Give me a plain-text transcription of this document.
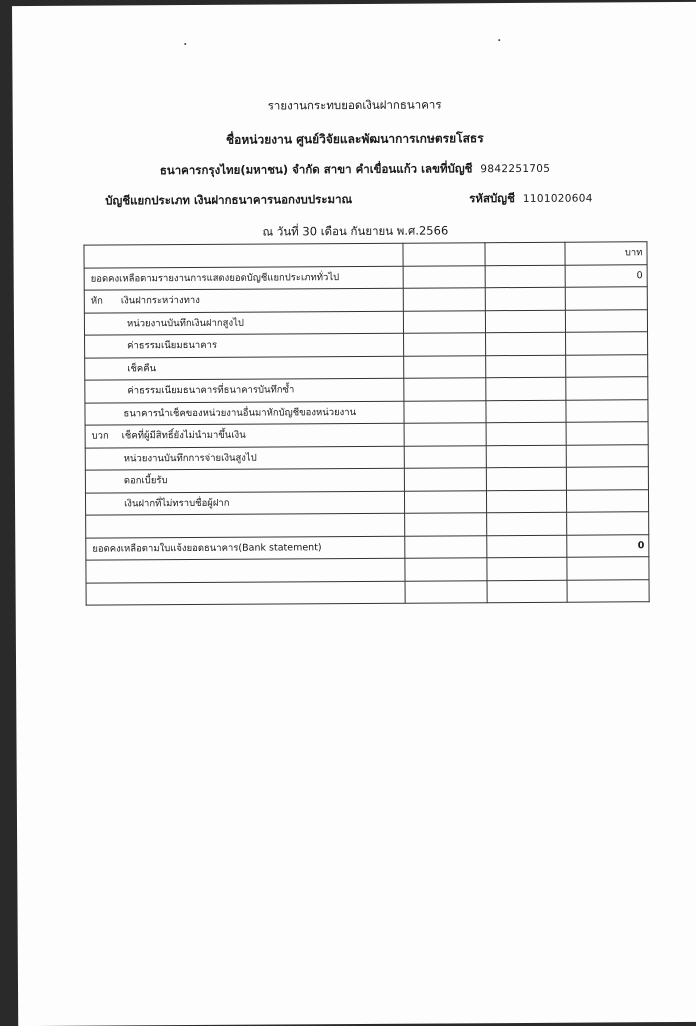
รายงานกระทบยอดเงินฝากธนาคาร
ชื่อหน่วยงาน ศูนย์วิจัยและพัฒนาการเกษตรยโสธร
ธนาคารกรุงไทย(มหาชน) จำกัด สาขา คำเขื่อนแก้ว เลขที่บัญชี 9842251705
บัญชีแยกประเภท เงินฝากธนาคารนอกงบประมาณ	รหัสบัญชี 1101020604
ณ วันที่ 30 เดือน กันยายน พ.ศ.2566
			บาท
ยอดคงเหลือตามรายงานการแสดงยอดบัญชีแยกประเภททั่วไป			0
หัก เงินฝากระหว่างทาง			
หน่วยงานบันทึกเงินฝากสูงไป			
ค่าธรรมเนียมธนาคาร			
เช็คคืน			
ค่าธรรมเนียมธนาคารที่ธนาคารบันทึกซ้ำ			
ธนาคารนำเช็คของหน่วยงานอื่นมาหักบัญชีของหน่วยงาน			
บวก เช็คที่ผู้มีสิทธิ์ยังไม่นำมาขึ้นเงิน			
หน่วยงานบันทึกการจ่ายเงินสูงไป			
ดอกเบี้ยรับ			
เงินฝากที่ไม่ทราบชื่อผู้ฝาก			

ยอดคงเหลือตามใบแจ้งยอดธนาคาร(Bank statement)			0
